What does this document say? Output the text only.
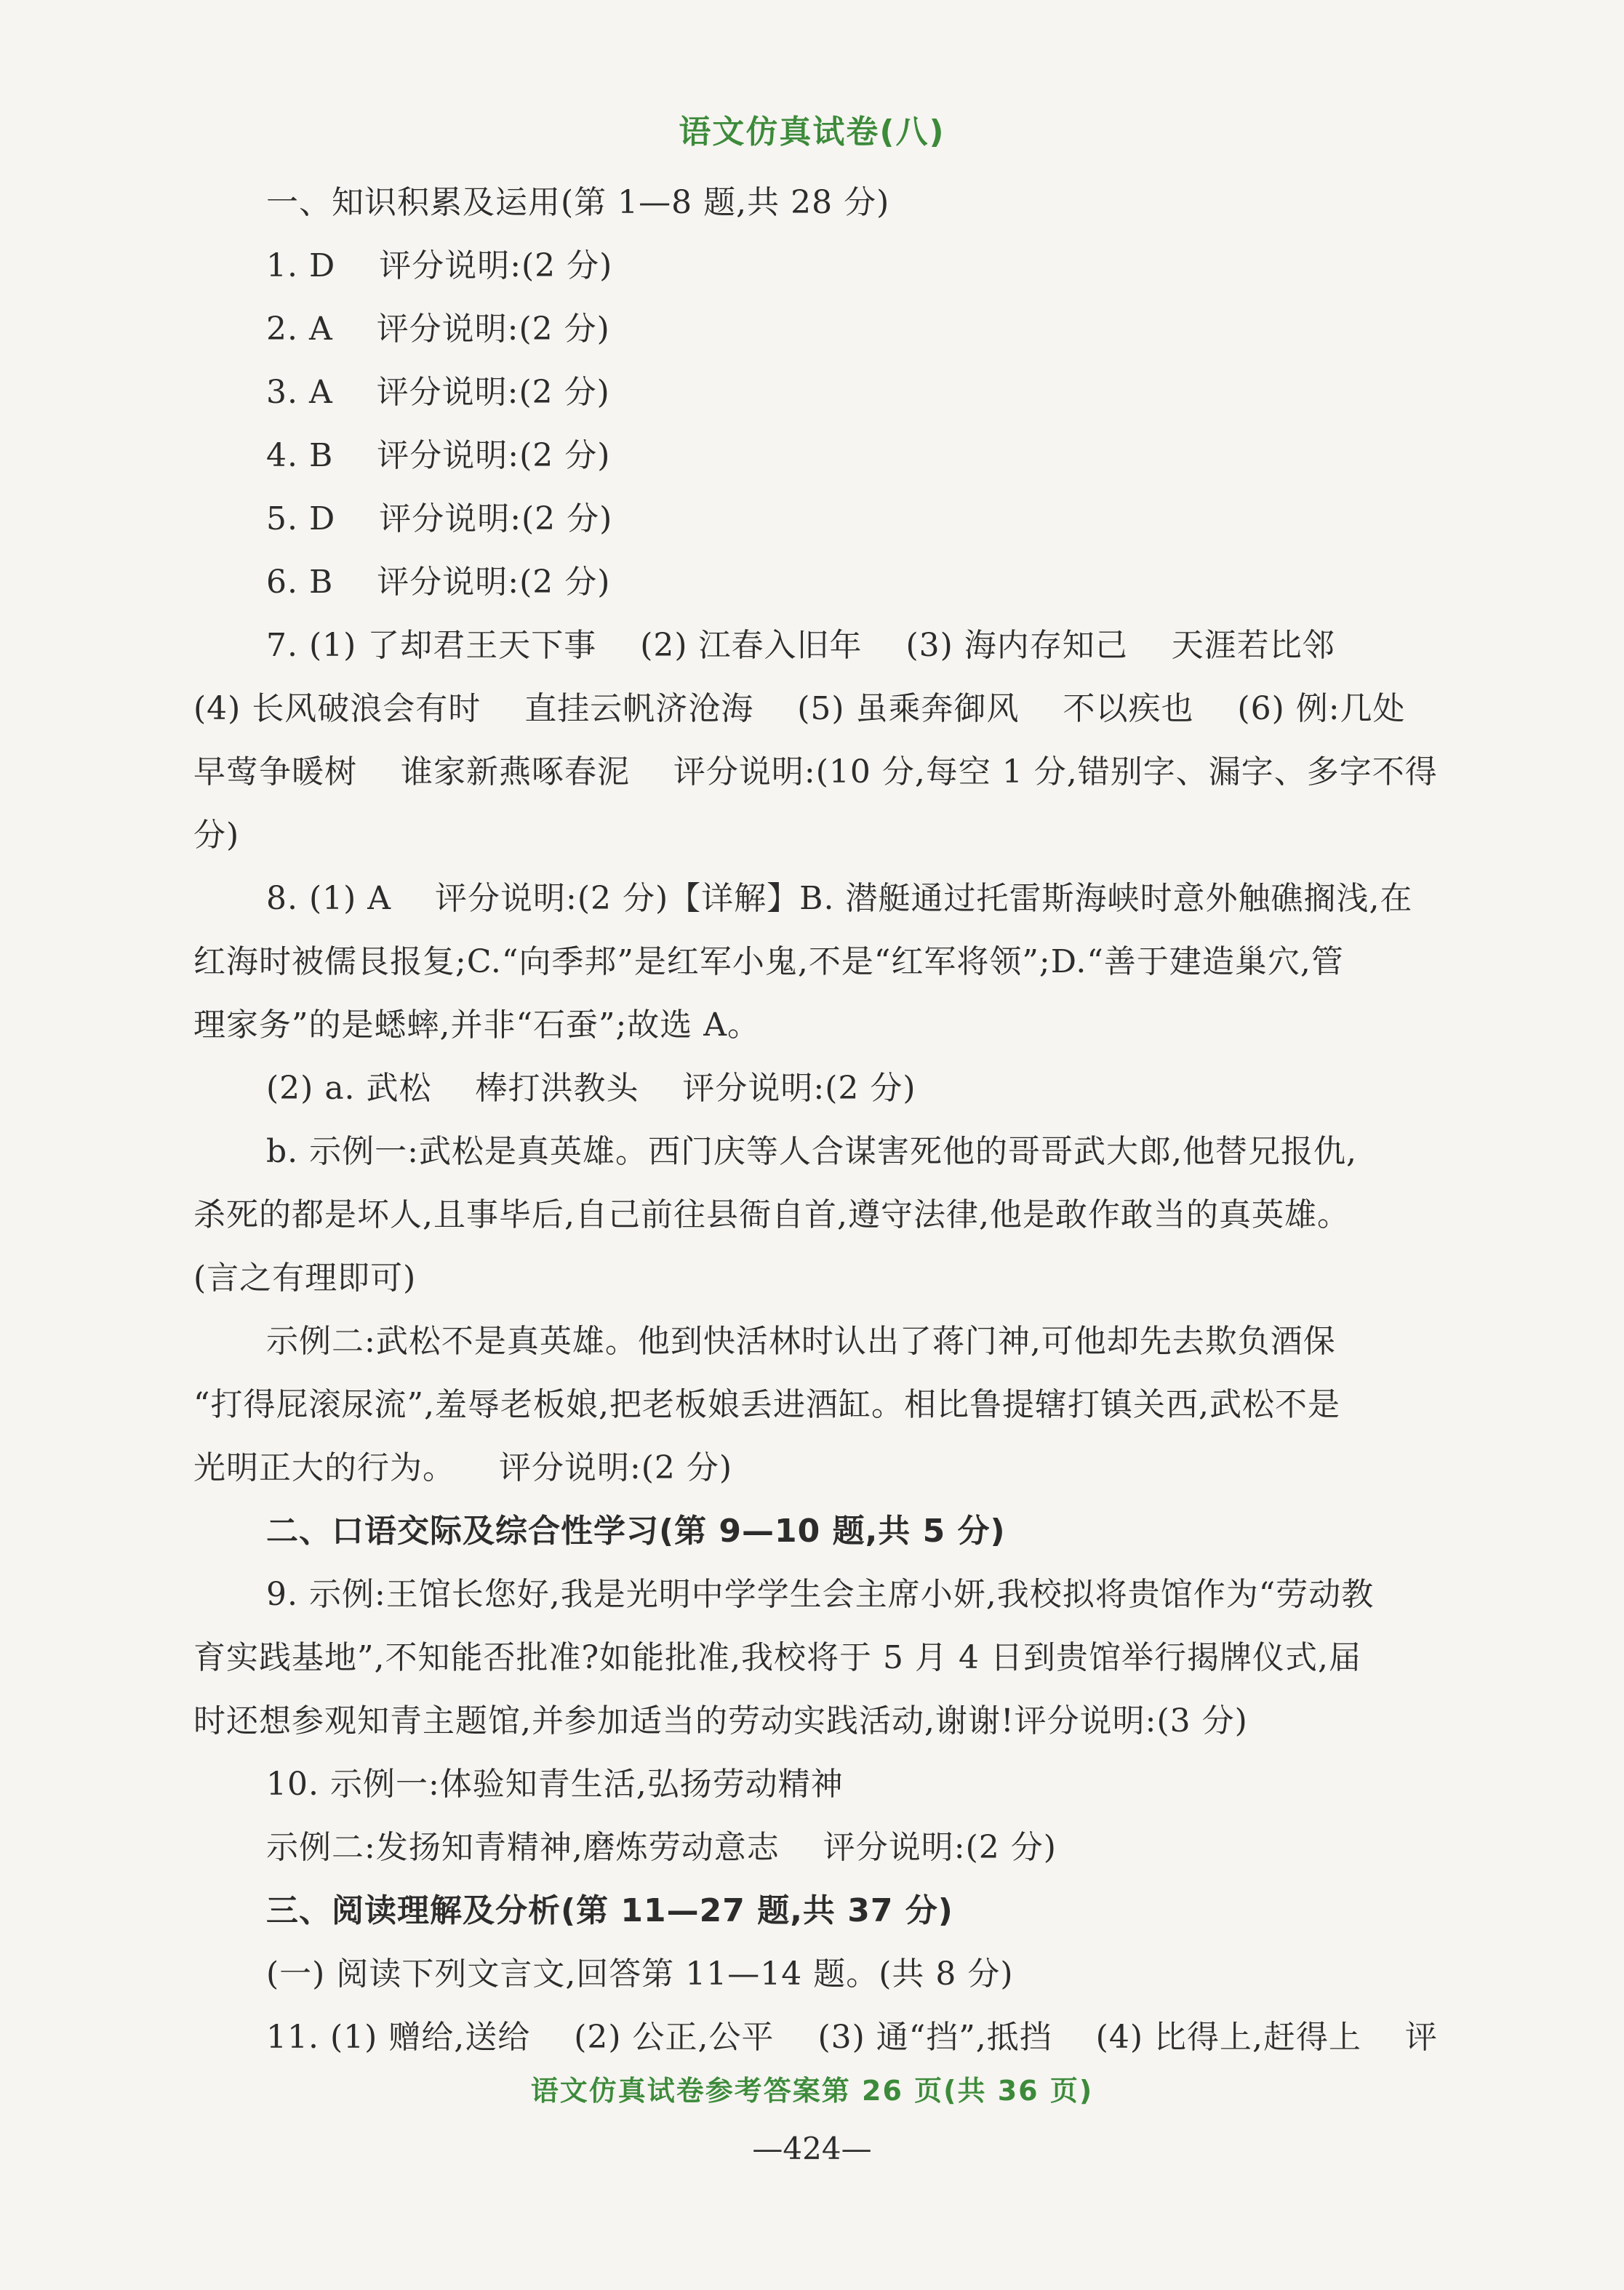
语文仿真试卷(八)

一、知识积累及运用(第 1—8 题,共 28 分)

1. D    评分说明:(2 分)

2. A    评分说明:(2 分)

3. A    评分说明:(2 分)

4. B    评分说明:(2 分)

5. D    评分说明:(2 分)

6. B    评分说明:(2 分)

7. (1) 了却君王天下事    (2) 江春入旧年    (3) 海内存知己    天涯若比邻

(4) 长风破浪会有时    直挂云帆济沧海    (5) 虽乘奔御风    不以疾也    (6) 例:几处

早莺争暖树    谁家新燕啄春泥    评分说明:(10 分,每空 1 分,错别字、漏字、多字不得

分)

8. (1) A    评分说明:(2 分)【详解】B. 潜艇通过托雷斯海峡时意外触礁搁浅,在

红海时被儒艮报复;C.“向季邦”是红军小鬼,不是“红军将领”;D.“善于建造巢穴,管

理家务”的是蟋蟀,并非“石蚕”;故选 A。

(2) a. 武松    棒打洪教头    评分说明:(2 分)

b. 示例一:武松是真英雄。西门庆等人合谋害死他的哥哥武大郎,他替兄报仇,

杀死的都是坏人,且事毕后,自己前往县衙自首,遵守法律,他是敢作敢当的真英雄。

(言之有理即可)

示例二:武松不是真英雄。他到快活林时认出了蒋门神,可他却先去欺负酒保

“打得屁滚尿流”,羞辱老板娘,把老板娘丢进酒缸。相比鲁提辖打镇关西,武松不是

光明正大的行为。    评分说明:(2 分)

二、口语交际及综合性学习(第 9—10 题,共 5 分)

9. 示例:王馆长您好,我是光明中学学生会主席小妍,我校拟将贵馆作为“劳动教

育实践基地”,不知能否批准?如能批准,我校将于 5 月 4 日到贵馆举行揭牌仪式,届

时还想参观知青主题馆,并参加适当的劳动实践活动,谢谢!评分说明:(3 分)

10. 示例一:体验知青生活,弘扬劳动精神

示例二:发扬知青精神,磨炼劳动意志    评分说明:(2 分)

三、阅读理解及分析(第 11—27 题,共 37 分)

(一) 阅读下列文言文,回答第 11—14 题。(共 8 分)

11. (1) 赠给,送给    (2) 公正,公平    (3) 通“挡”,抵挡    (4) 比得上,赶得上    评

语文仿真试卷参考答案第 26 页(共 36 页)
—424—
